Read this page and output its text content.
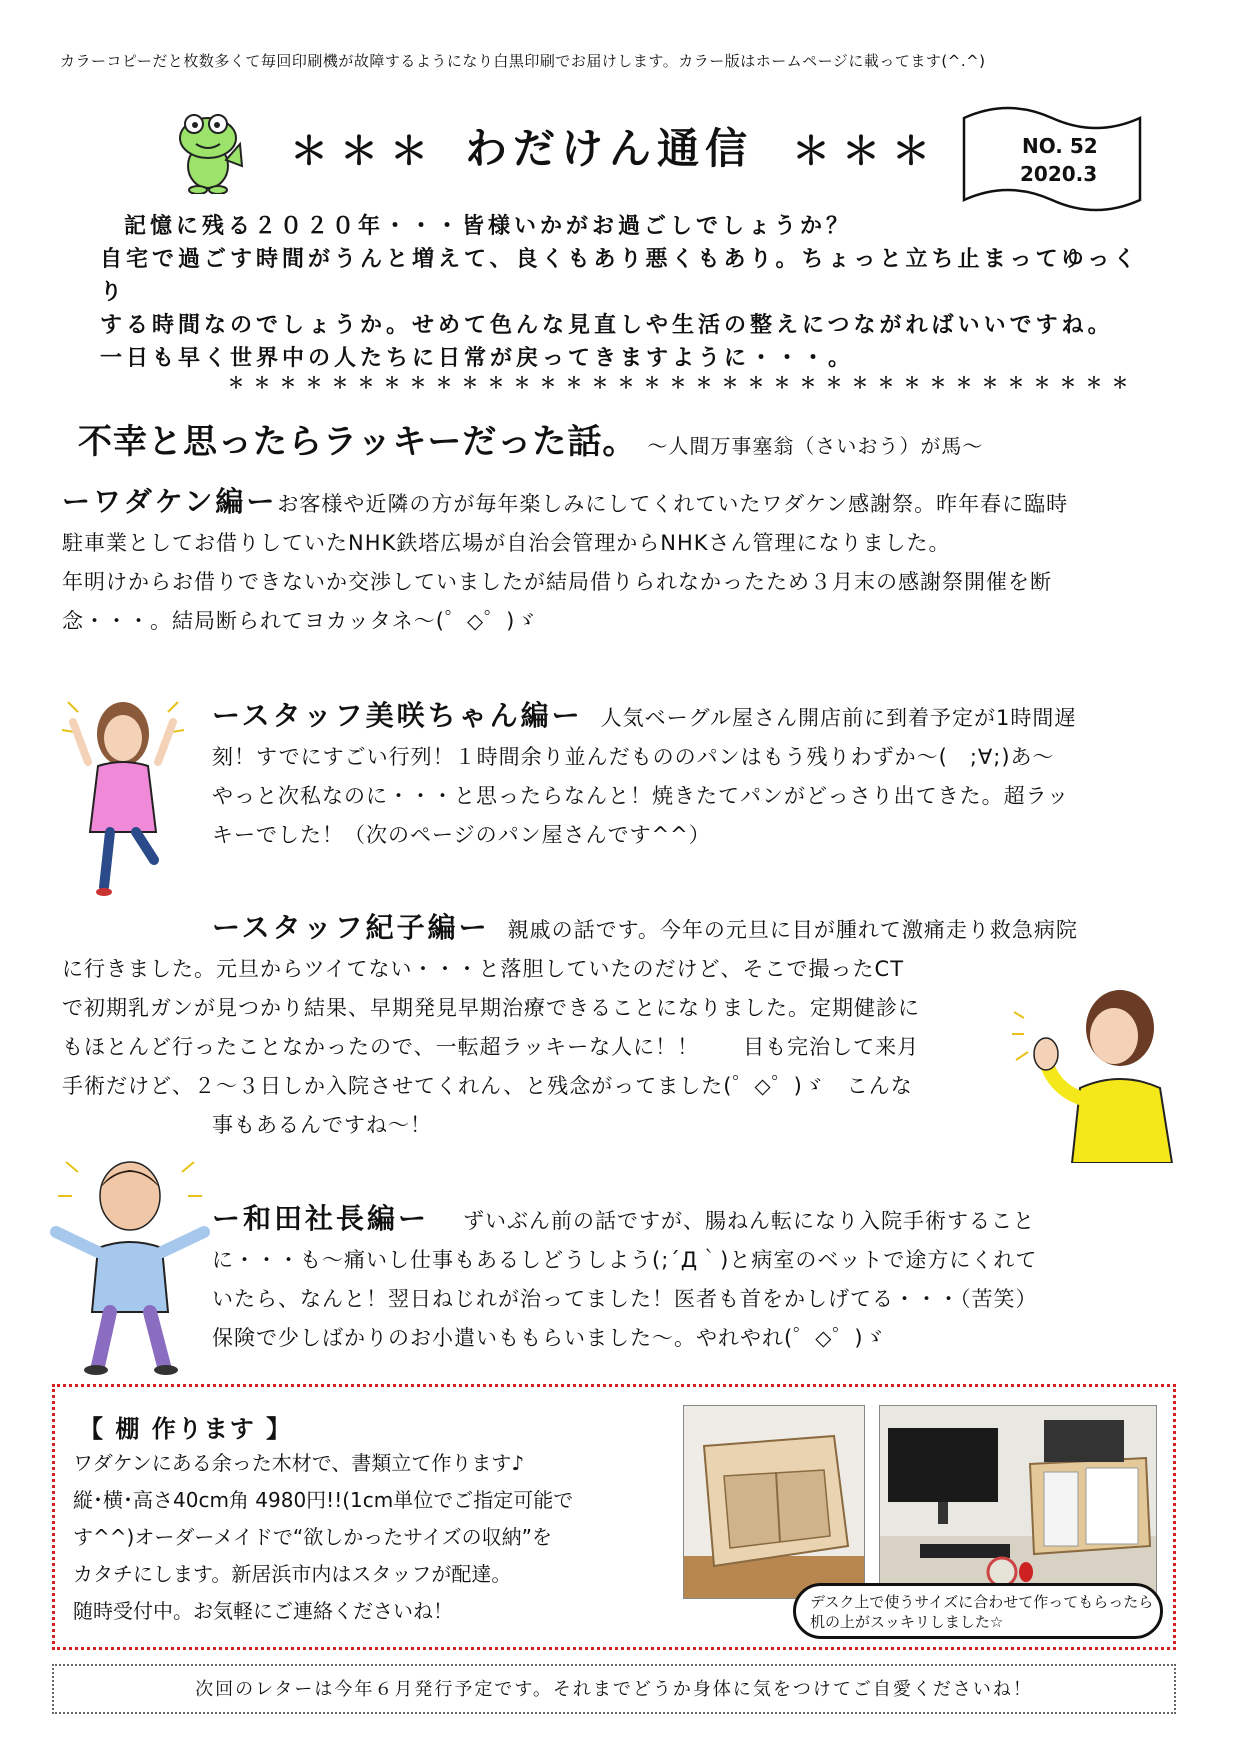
カラーコピーだと枚数多くて毎回印刷機が故障するようになり白黒印刷でお届けします。カラー版はホームページに載ってます(^.^)
＊＊＊ わだけん通信 ＊＊＊	NO. 52
2020.3
記憶に残る２０２０年・・・皆様いかがお過ごしでしょうか？
自宅で過ごす時間がうんと増えて、良くもあり悪くもあり。ちょっと立ち止まってゆっくり
する時間なのでしょうか。せめて色んな見直しや生活の整えにつながればいいですね。
一日も早く世界中の人たちに日常が戻ってきますように・・・。
＊＊＊＊＊＊＊＊＊＊＊＊＊＊＊＊＊＊＊＊＊＊＊＊＊＊＊＊＊＊＊＊＊＊＊
不幸と思ったらラッキーだった話。 ～人間万事塞翁（さいおう）が馬～
ーワダケン編ーお客様や近隣の方が毎年楽しみにしてくれていたワダケン感謝祭。昨年春に臨時
駐車業としてお借りしていたNHK鉄塔広場が自治会管理からNHKさん管理になりました。
年明けからお借りできないか交渉していましたが結局借りられなかったため３月末の感謝祭開催を断
念・・・。結局断られてヨカッタネ～(゜◇゜)ゞ
ースタッフ美咲ちゃん編ー 人気ベーグル屋さん開店前に到着予定が1時間遅
刻！すでにすごい行列！１時間余り並んだもののパンはもう残りわずか～(　;∀;)あ～
やっと次私なのに・・・と思ったらなんと！焼きたてパンがどっさり出てきた。超ラッ
キーでした！（次のページのパン屋さんです^^）
ースタッフ紀子編ー 親戚の話です。今年の元旦に目が腫れて激痛走り救急病院
に行きました。元旦からツイてない・・・と落胆していたのだけど、そこで撮ったCT
で初期乳ガンが見つかり結果、早期発見早期治療できることになりました。定期健診に
もほとんど行ったことなかったので、一転超ラッキーな人に！！　　目も完治して来月
手術だけど、２～３日しか入院させてくれん、と残念がってました(゜◇゜)ゞ　こんな
事もあるんですね～！
ー和田社長編ー ずいぶん前の話ですが、腸ねん転になり入院手術すること
に・・・も～痛いし仕事もあるしどうしよう(;´Д｀)と病室のベットで途方にくれて
いたら、なんと！翌日ねじれが治ってました！医者も首をかしげてる・・・（苦笑）
保険で少しばかりのお小遣いももらいました～。やれやれ(゜◇゜)ゞ
【 棚 作ります 】
ワダケンにある余った木材で、書類立て作ります♪
縦･横･高さ40cm角 4980円!!(1cm単位でご指定可能で
す^^)オーダーメイドで“欲しかったサイズの収納”を
カタチにします。新居浜市内はスタッフが配達。
随時受付中。お気軽にご連絡くださいね！	デスク上で使うサイズに合わせて作ってもらったら
机の上がスッキリしました☆
次回のレターは今年６月発行予定です。それまでどうか身体に気をつけてご自愛くださいね！
